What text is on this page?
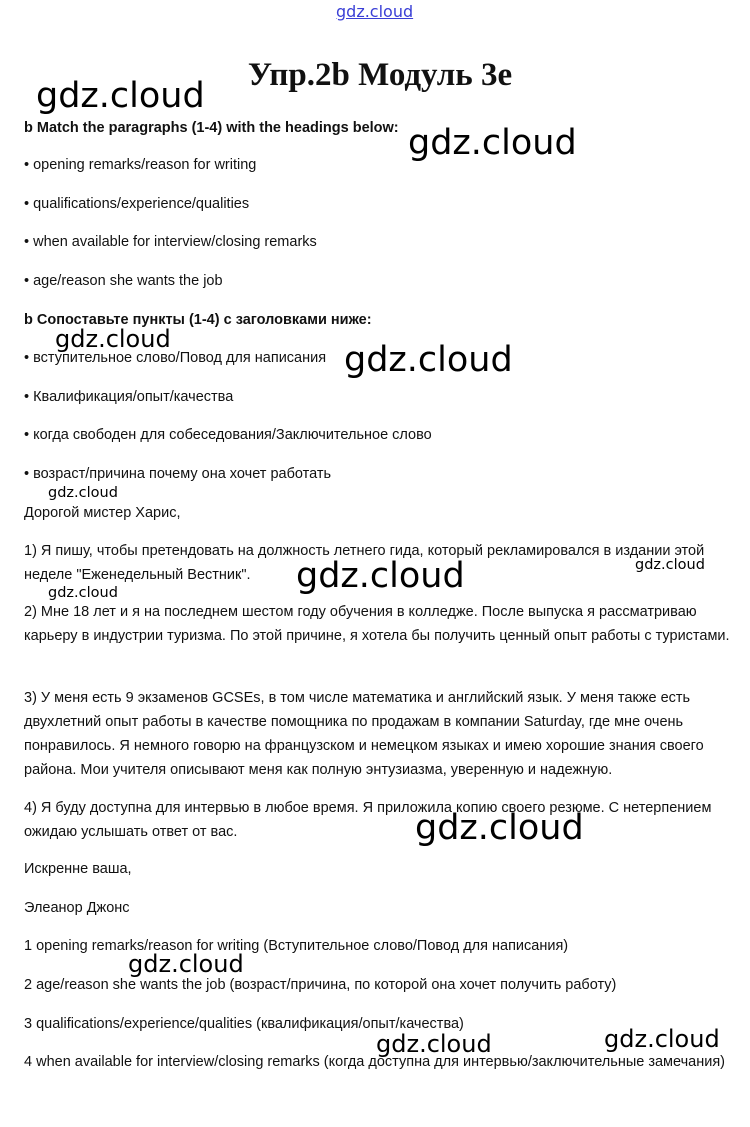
Упр.2b Модуль 3e
b Match the paragraphs (1-4) with the headings below:
• opening remarks/reason for writing
• qualifications/experience/qualities
• when available for interview/closing remarks
• age/reason she wants the job
b Сопоставьте пункты (1-4) с заголовками ниже:
• вступительное слово/Повод для написания
• Квалификация/опыт/качества
• когда свободен для собеседования/Заключительное слово
• возраст/причина почему она хочет работать
Дорогой мистер Харис,
1) Я пишу, чтобы претендовать на должность летнего гида, который рекламировался в издании этой неделе "Еженедельный Вестник".
2) Мне 18 лет и я на последнем шестом году обучения в колледже. После выпуска я рассматриваю карьеру в индустрии туризма. По этой причине, я хотела бы получить ценный опыт работы с туристами.
3) У меня есть 9 экзаменов GCSEs, в том числе математика и английский язык. У меня также есть двухлетний опыт работы в качестве помощника по продажам в компании Saturday, где мне очень понравилось. Я немного говорю на французском и немецком языках и имею хорошие знания своего района. Мои учителя описывают меня как полную энтузиазма, уверенную и надежную.
4) Я буду доступна для интервью в любое время. Я приложила копию своего резюме. С нетерпением ожидаю услышать ответ от вас.
Искренне ваша,
Элеанор Джонс
1 opening remarks/reason for writing (Вступительное слово/Повод для написания)
2 age/reason she wants the job (возраст/причина, по которой она хочет получить работу)
3 qualifications/experience/qualities (квалификация/опыт/качества)
4 when available for interview/closing remarks (когда доступна для интервью/заключительные замечания)
gdz.cloud
gdz.cloud
gdz.cloud
gdz.cloud
gdz.cloud
gdz.cloud
gdz.cloud	gdz.cloud
gdz.cloud
gdz.cloud
gdz.cloud
gdz.cloud
gdz.cloud
